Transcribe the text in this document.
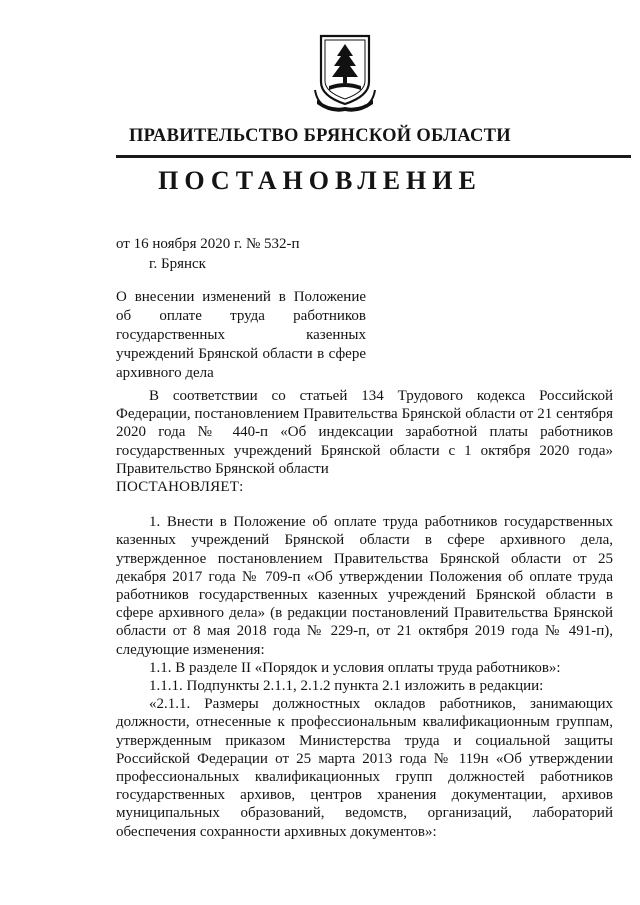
ПРАВИТЕЛЬСТВО БРЯНСКОЙ ОБЛАСТИ
ПОСТАНОВЛЕНИЕ
от 16 ноября 2020 г. № 532-п
г. Брянск
О внесении изменений в Положение об оплате труда работников государственных казенных учреждений Брянской области в сфере архивного дела

В соответствии со статьей 134 Трудового кодекса Российской Федерации, постановлением Правительства Брянской области от 21 сентября 2020 года № 440-п «Об индексации заработной платы работников государственных учреждений Брянской области с 1 октября 2020 года» Правительство Брянской области

ПОСТАНОВЛЯЕТ:

1. Внести в Положение об оплате труда работников государственных казенных учреждений Брянской области в сфере архивного дела, утвержденное постановлением Правительства Брянской области от 25 декабря 2017 года № 709-п «Об утверждении Положения об оплате труда работников государственных казенных учреждений Брянской области в сфере архивного дела» (в редакции постановлений Правительства Брянской области от 8 мая 2018 года № 229-п, от 21 октября 2019 года № 491-п), следующие изменения:

1.1. В разделе II «Порядок и условия оплаты труда работников»:

1.1.1. Подпункты 2.1.1, 2.1.2 пункта 2.1 изложить в редакции:

«2.1.1. Размеры должностных окладов работников, занимающих должности, отнесенные к профессиональным квалификационным группам, утвержденным приказом Министерства труда и социальной защиты Российской Федерации от 25 марта 2013 года № 119н «Об утверждении профессиональных квалификационных групп должностей работников государственных архивов, центров хранения документации, архивов муниципальных образований, ведомств, организаций, лабораторий обеспечения сохранности архивных документов»:
